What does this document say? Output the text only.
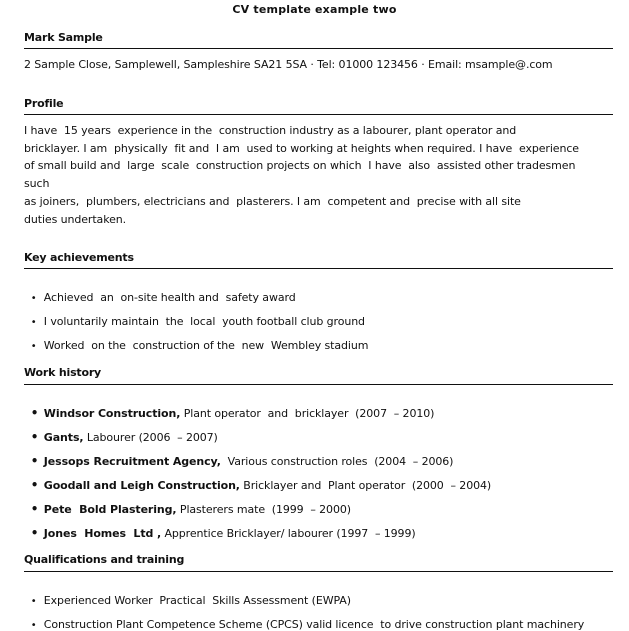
CV template example two
Mark Sample
2 Sample Close, Samplewell, Sampleshire SA21 5SA · Tel: 01000 123456 · Email: msample@.com
Profile
I have  15 years  experience in the  construction industry as a labourer, plant operator and
bricklayer. I am  physically  fit and  I am  used to working at heights when required. I have  experience
of small build and  large  scale  construction projects on which  I have  also  assisted other tradesmen
such
as joiners,  plumbers, electricians and  plasterers. I am  competent and  precise with all site
duties undertaken.
Key achievements

• Achieved  an  on-site health and  safety award

• I voluntarily maintain  the  local  youth football club ground

• Worked  on the  construction of the  new  Wembley stadium

Work history

• Windsor Construction, Plant operator  and  bricklayer  (2007  – 2010)

• Gants, Labourer (2006  – 2007)

• Jessops Recruitment Agency,  Various construction roles  (2004  – 2006)

• Goodall and Leigh Construction, Bricklayer and  Plant operator  (2000  – 2004)

• Pete  Bold Plastering, Plasterers mate  (1999  – 2000)

• Jones  Homes  Ltd , Apprentice Bricklayer/ labourer (1997  – 1999)

Qualifications and training

• Experienced Worker  Practical  Skills Assessment (EWPA)

• Construction Plant Competence Scheme (CPCS) valid licence  to drive construction plant machinery
